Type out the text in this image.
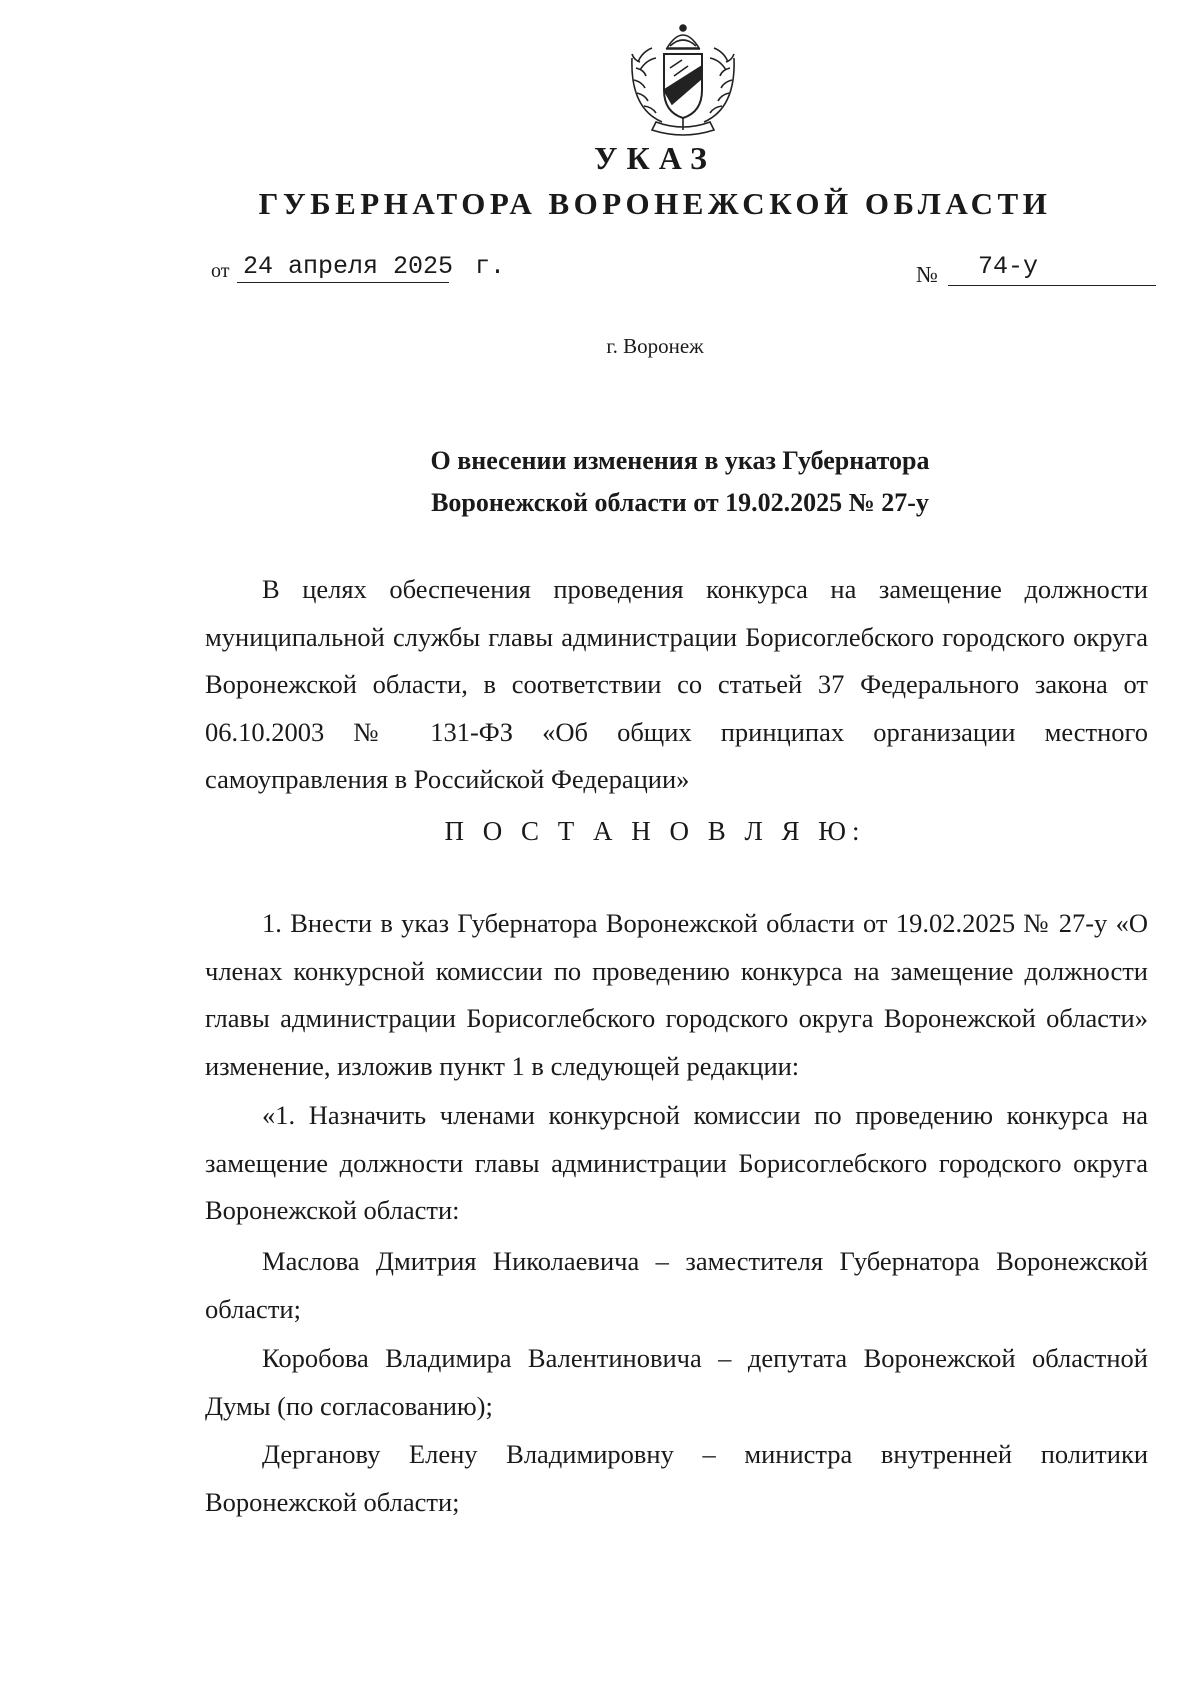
УКАЗ
ГУБЕРНАТОРА ВОРОНЕЖСКОЙ ОБЛАСТИ
от 24 апреля 2025 г.	№ 74-у
г. Воронеж
О внесении изменения в указ Губернатора
Воронежской области от 19.02.2025 № 27-у
В целях обеспечения проведения конкурса на замещение должности муниципальной службы главы администрации Борисоглебского городского округа Воронежской области, в соответствии со статьей 37 Федерального закона от 06.10.2003 № 131-ФЗ «Об общих принципах организации местного самоуправления в Российской Федерации»
П О С Т А Н О В Л Я Ю:
1. Внести в указ Губернатора Воронежской области от 19.02.2025 № 27-у «О членах конкурсной комиссии по проведению конкурса на замещение должности главы администрации Борисоглебского городского округа Воронежской области» изменение, изложив пункт 1 в следующей редакции:
«1. Назначить членами конкурсной комиссии по проведению конкурса на замещение должности главы администрации Борисоглебского городского округа Воронежской области:
Маслова Дмитрия Николаевича – заместителя Губернатора Воронежской области;
Коробова Владимира Валентиновича – депутата Воронежской областной Думы (по согласованию);
Дерганову Елену Владимировну – министра внутренней политики Воронежской области;
